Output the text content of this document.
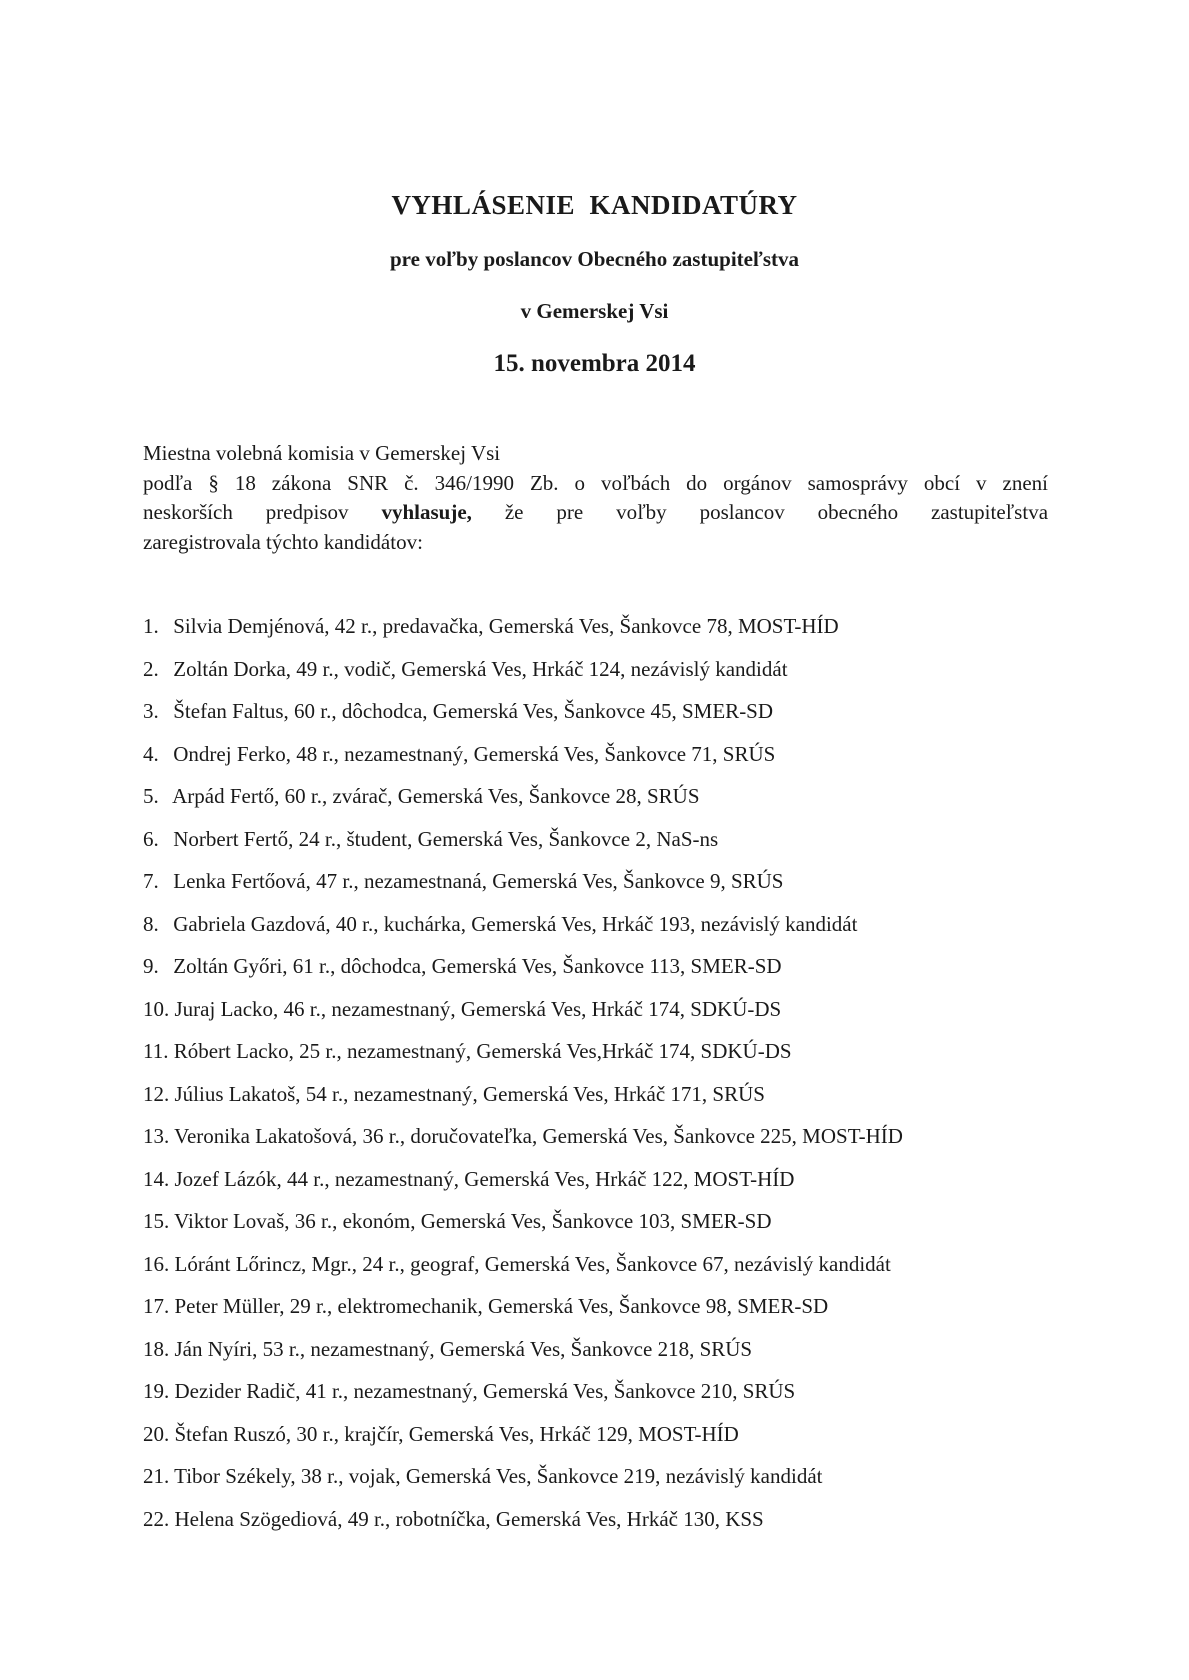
VYHLÁSENIE  KANDIDATÚRY
pre voľby poslancov Obecného zastupiteľstva
v Gemerskej Vsi
15. novembra 2014
Miestna volebná komisia v Gemerskej Vsi
podľa § 18 zákona SNR č. 346/1990 Zb. o voľbách do orgánov samosprávy obcí v znení
neskorších predpisov vyhlasuje, že pre voľby poslancov obecného zastupiteľstva
zaregistrovala týchto kandidátov:
1. Silvia Demjénová, 42 r., predavačka, Gemerská Ves, Šankovce 78, MOST-HÍD
2. Zoltán Dorka, 49 r., vodič, Gemerská Ves, Hrkáč 124, nezávislý kandidát
3. Štefan Faltus, 60 r., dôchodca, Gemerská Ves, Šankovce 45, SMER-SD
4. Ondrej Ferko, 48 r., nezamestnaný, Gemerská Ves, Šankovce 71, SRÚS
5. Arpád Fertő, 60 r., zvárač, Gemerská Ves, Šankovce 28, SRÚS
6. Norbert Fertő, 24 r., študent, Gemerská Ves, Šankovce 2, NaS-ns
7. Lenka Fertőová, 47 r., nezamestnaná, Gemerská Ves, Šankovce 9, SRÚS
8. Gabriela Gazdová, 40 r., kuchárka, Gemerská Ves, Hrkáč 193, nezávislý kandidát
9. Zoltán Győri, 61 r., dôchodca, Gemerská Ves, Šankovce 113, SMER-SD
10. Juraj Lacko, 46 r., nezamestnaný, Gemerská Ves, Hrkáč 174, SDKÚ-DS
11. Róbert Lacko, 25 r., nezamestnaný, Gemerská Ves,Hrkáč 174, SDKÚ-DS
12. Július Lakatoš, 54 r., nezamestnaný, Gemerská Ves, Hrkáč 171, SRÚS
13. Veronika Lakatošová, 36 r., doručovateľka, Gemerská Ves, Šankovce 225, MOST-HÍD
14. Jozef Lázók, 44 r., nezamestnaný, Gemerská Ves, Hrkáč 122, MOST-HÍD
15. Viktor Lovaš, 36 r., ekonóm, Gemerská Ves, Šankovce 103, SMER-SD
16. Lóránt Lőrincz, Mgr., 24 r., geograf, Gemerská Ves, Šankovce 67, nezávislý kandidát
17. Peter Müller, 29 r., elektromechanik, Gemerská Ves, Šankovce 98, SMER-SD
18. Ján Nyíri, 53 r., nezamestnaný, Gemerská Ves, Šankovce 218, SRÚS
19. Dezider Radič, 41 r., nezamestnaný, Gemerská Ves, Šankovce 210, SRÚS
20. Štefan Ruszó, 30 r., krajčír, Gemerská Ves, Hrkáč 129, MOST-HÍD
21. Tibor Székely, 38 r., vojak, Gemerská Ves, Šankovce 219, nezávislý kandidát
22. Helena Szögediová, 49 r., robotníčka, Gemerská Ves, Hrkáč 130, KSS
